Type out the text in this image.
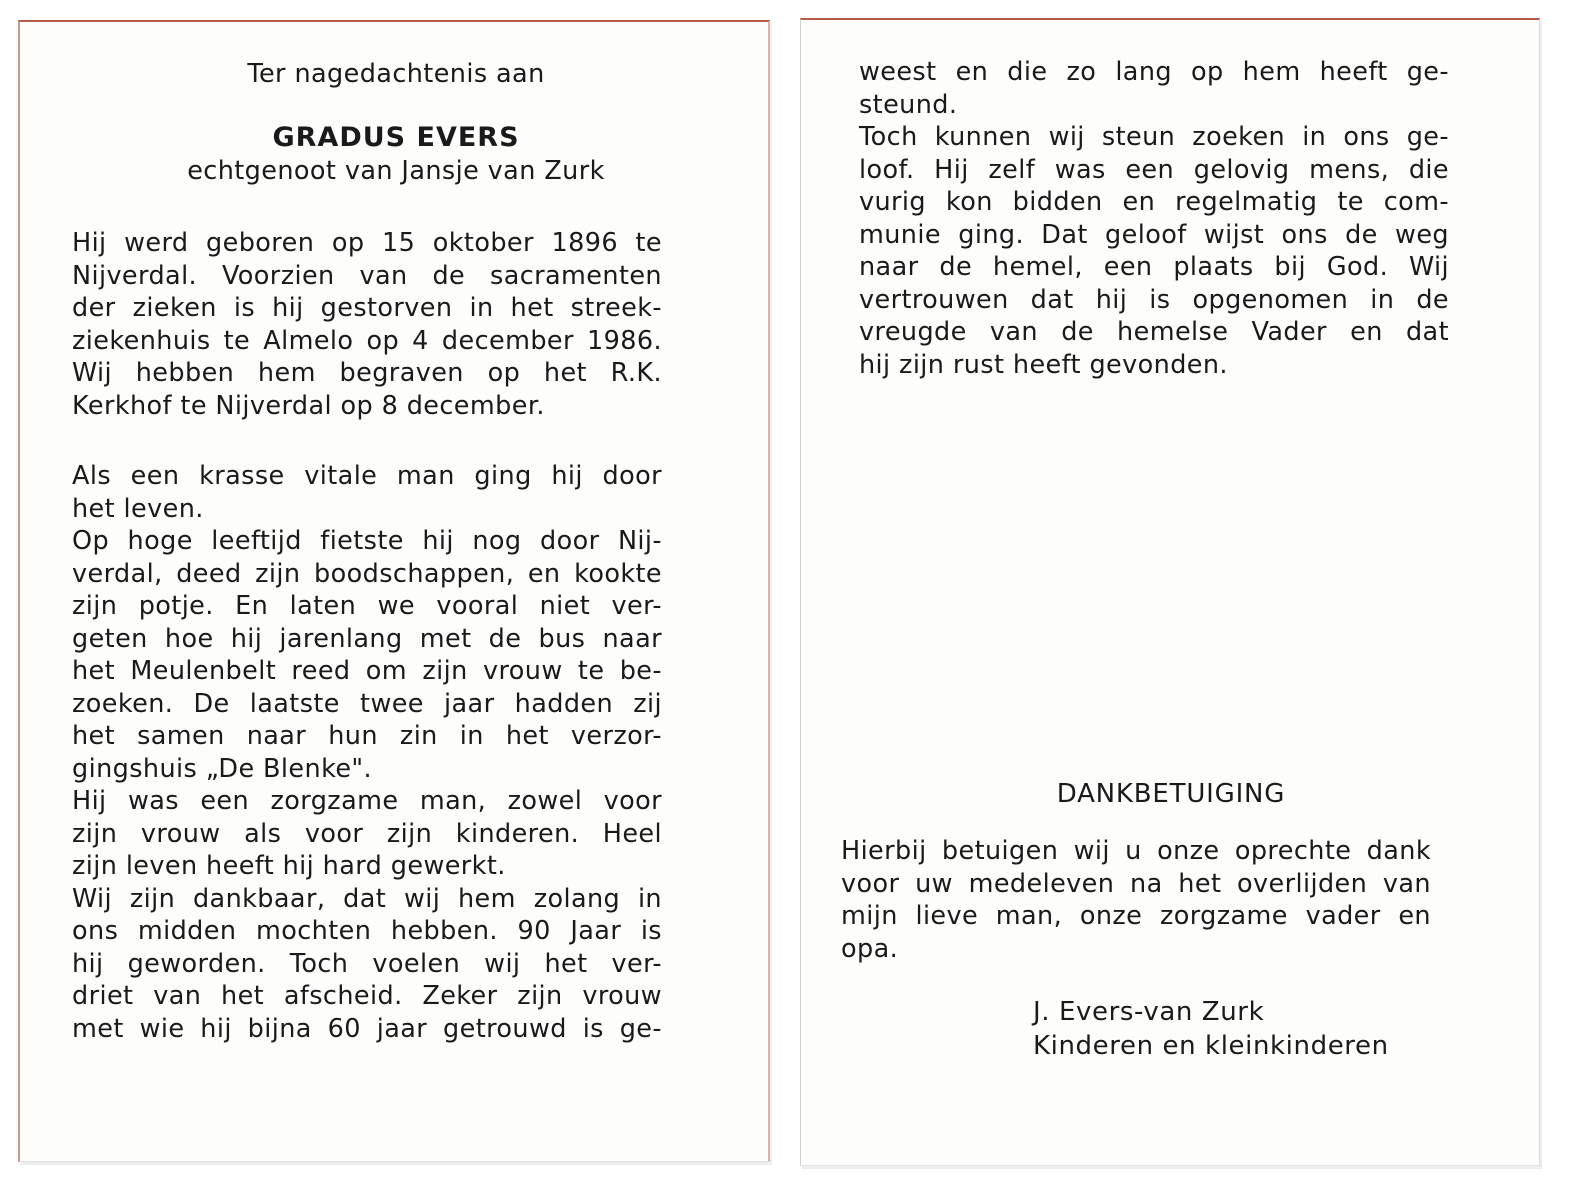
Ter nagedachtenis aan
GRADUS EVERS
echtgenoot van Jansje van Zurk
Hij werd geboren op 15 oktober 1896 te
Nijverdal. Voorzien van de sacramenten
der zieken is hij gestorven in het streek-
ziekenhuis te Almelo op 4 december 1986.
Wij hebben hem begraven op het R.K.
Kerkhof te Nijverdal op 8 december.
Als een krasse vitale man ging hij door
het leven.
Op hoge leeftijd fietste hij nog door Nij-
verdal, deed zijn boodschappen, en kookte
zijn potje. En laten we vooral niet ver-
geten hoe hij jarenlang met de bus naar
het Meulenbelt reed om zijn vrouw te be-
zoeken. De laatste twee jaar hadden zij
het samen naar hun zin in het verzor-
gingshuis „De Blenke".
Hij was een zorgzame man, zowel voor
zijn vrouw als voor zijn kinderen. Heel
zijn leven heeft hij hard gewerkt.
Wij zijn dankbaar, dat wij hem zolang in
ons midden mochten hebben. 90 Jaar is
hij geworden. Toch voelen wij het ver-
driet van het afscheid. Zeker zijn vrouw
met wie hij bijna 60 jaar getrouwd is ge-
weest en die zo lang op hem heeft ge-
steund.
Toch kunnen wij steun zoeken in ons ge-
loof. Hij zelf was een gelovig mens, die
vurig kon bidden en regelmatig te com-
munie ging. Dat geloof wijst ons de weg
naar de hemel, een plaats bij God. Wij
vertrouwen dat hij is opgenomen in de
vreugde van de hemelse Vader en dat
hij zijn rust heeft gevonden.
DANKBETUIGING
Hierbij betuigen wij u onze oprechte dank
voor uw medeleven na het overlijden van
mijn lieve man, onze zorgzame vader en
opa.
J. Evers-van Zurk
Kinderen en kleinkinderen
